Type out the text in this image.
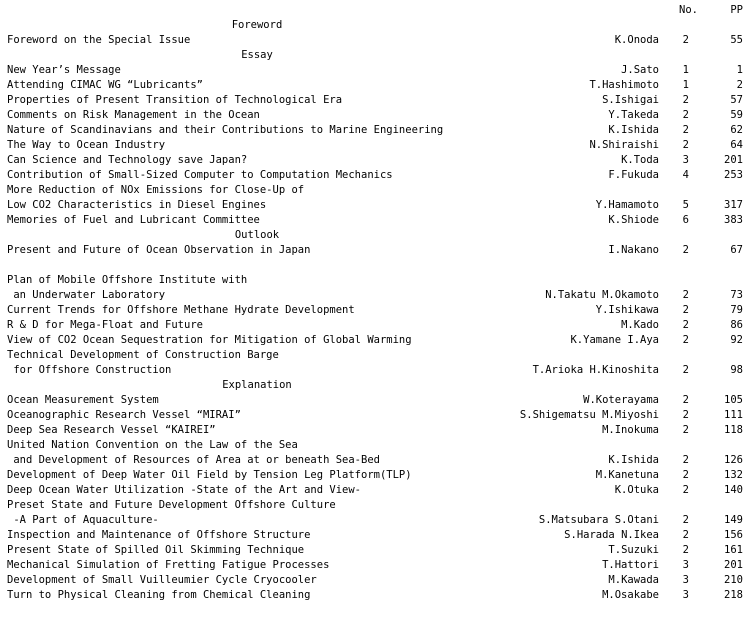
No.	PP
Foreword
Foreword on the Special Issue	K.Onoda	2	55
Essay
New Year’s Message	J.Sato	1	1
Attending CIMAC WG “Lubricants”	T.Hashimoto	1	2
Properties of Present Transition of Technological Era	S.Ishigai	2	57
Comments on Risk Management in the Ocean	Y.Takeda	2	59
Nature of Scandinavians and their Contributions to Marine Engineering	K.Ishida	2	62
The Way to Ocean Industry	N.Shiraishi	2	64
Can Science and Technology save Japan?	K.Toda	3	201
Contribution of Small-Sized Computer to Computation Mechanics	F.Fukuda	4	253
More Reduction of NOx Emissions for Close-Up of
Low CO2 Characteristics in Diesel Engines	Y.Hamamoto	5	317
Memories of Fuel and Lubricant Committee	K.Shiode	6	383
Outlook
Present and Future of Ocean Observation in Japan	I.Nakano	2	67
Plan of Mobile Offshore Institute with
an Underwater Laboratory	N.Takatu M.Okamoto	2	73
Current Trends for Offshore Methane Hydrate Development	Y.Ishikawa	2	79
R & D for Mega-Float and Future	M.Kado	2	86
View of CO2 Ocean Sequestration for Mitigation of Global Warming	K.Yamane I.Aya	2	92
Technical Development of Construction Barge
for Offshore Construction	T.Arioka H.Kinoshita	2	98
Explanation
Ocean Measurement System	W.Koterayama	2	105
Oceanographic Research Vessel “MIRAI”	S.Shigematsu M.Miyoshi	2	111
Deep Sea Research Vessel “KAIREI”	M.Inokuma	2	118
United Nation Convention on the Law of the Sea
and Development of Resources of Area at or beneath Sea-Bed	K.Ishida	2	126
Development of Deep Water Oil Field by Tension Leg Platform(TLP)	M.Kanetuna	2	132
Deep Ocean Water Utilization -State of the Art and View-	K.Otuka	2	140
Preset State and Future Development Offshore Culture
-A Part of Aquaculture-	S.Matsubara S.Otani	2	149
Inspection and Maintenance of Offshore Structure	S.Harada N.Ikea	2	156
Present State of Spilled Oil Skimming Technique	T.Suzuki	2	161
Mechanical Simulation of Fretting Fatigue Processes	T.Hattori	3	201
Development of Small Vuilleumier Cycle Cryocooler	M.Kawada	3	210
Turn to Physical Cleaning from Chemical Cleaning	M.Osakabe	3	218
